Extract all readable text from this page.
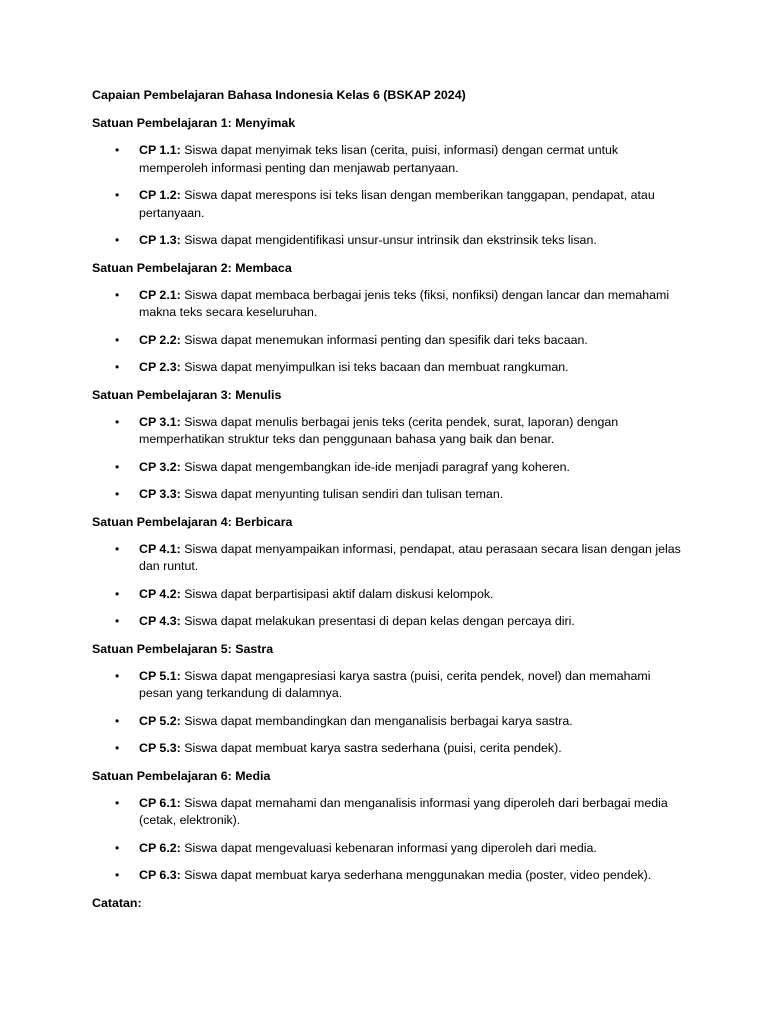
Capaian Pembelajaran Bahasa Indonesia Kelas 6 (BSKAP 2024)

Satuan Pembelajaran 1: Menyimak

• CP 1.1: Siswa dapat menyimak teks lisan (cerita, puisi, informasi) dengan cermat untuk memperoleh informasi penting dan menjawab pertanyaan.
• CP 1.2: Siswa dapat merespons isi teks lisan dengan memberikan tanggapan, pendapat, atau pertanyaan.
• CP 1.3: Siswa dapat mengidentifikasi unsur-unsur intrinsik dan ekstrinsik teks lisan.

Satuan Pembelajaran 2: Membaca

• CP 2.1: Siswa dapat membaca berbagai jenis teks (fiksi, nonfiksi) dengan lancar dan memahami makna teks secara keseluruhan.
• CP 2.2: Siswa dapat menemukan informasi penting dan spesifik dari teks bacaan.
• CP 2.3: Siswa dapat menyimpulkan isi teks bacaan dan membuat rangkuman.

Satuan Pembelajaran 3: Menulis

• CP 3.1: Siswa dapat menulis berbagai jenis teks (cerita pendek, surat, laporan) dengan memperhatikan struktur teks dan penggunaan bahasa yang baik dan benar.
• CP 3.2: Siswa dapat mengembangkan ide-ide menjadi paragraf yang koheren.
• CP 3.3: Siswa dapat menyunting tulisan sendiri dan tulisan teman.

Satuan Pembelajaran 4: Berbicara

• CP 4.1: Siswa dapat menyampaikan informasi, pendapat, atau perasaan secara lisan dengan jelas dan runtut.
• CP 4.2: Siswa dapat berpartisipasi aktif dalam diskusi kelompok.
• CP 4.3: Siswa dapat melakukan presentasi di depan kelas dengan percaya diri.

Satuan Pembelajaran 5: Sastra

• CP 5.1: Siswa dapat mengapresiasi karya sastra (puisi, cerita pendek, novel) dan memahami pesan yang terkandung di dalamnya.
• CP 5.2: Siswa dapat membandingkan dan menganalisis berbagai karya sastra.
• CP 5.3: Siswa dapat membuat karya sastra sederhana (puisi, cerita pendek).

Satuan Pembelajaran 6: Media

• CP 6.1: Siswa dapat memahami dan menganalisis informasi yang diperoleh dari berbagai media (cetak, elektronik).
• CP 6.2: Siswa dapat mengevaluasi kebenaran informasi yang diperoleh dari media.
• CP 6.3: Siswa dapat membuat karya sederhana menggunakan media (poster, video pendek).

Catatan:
